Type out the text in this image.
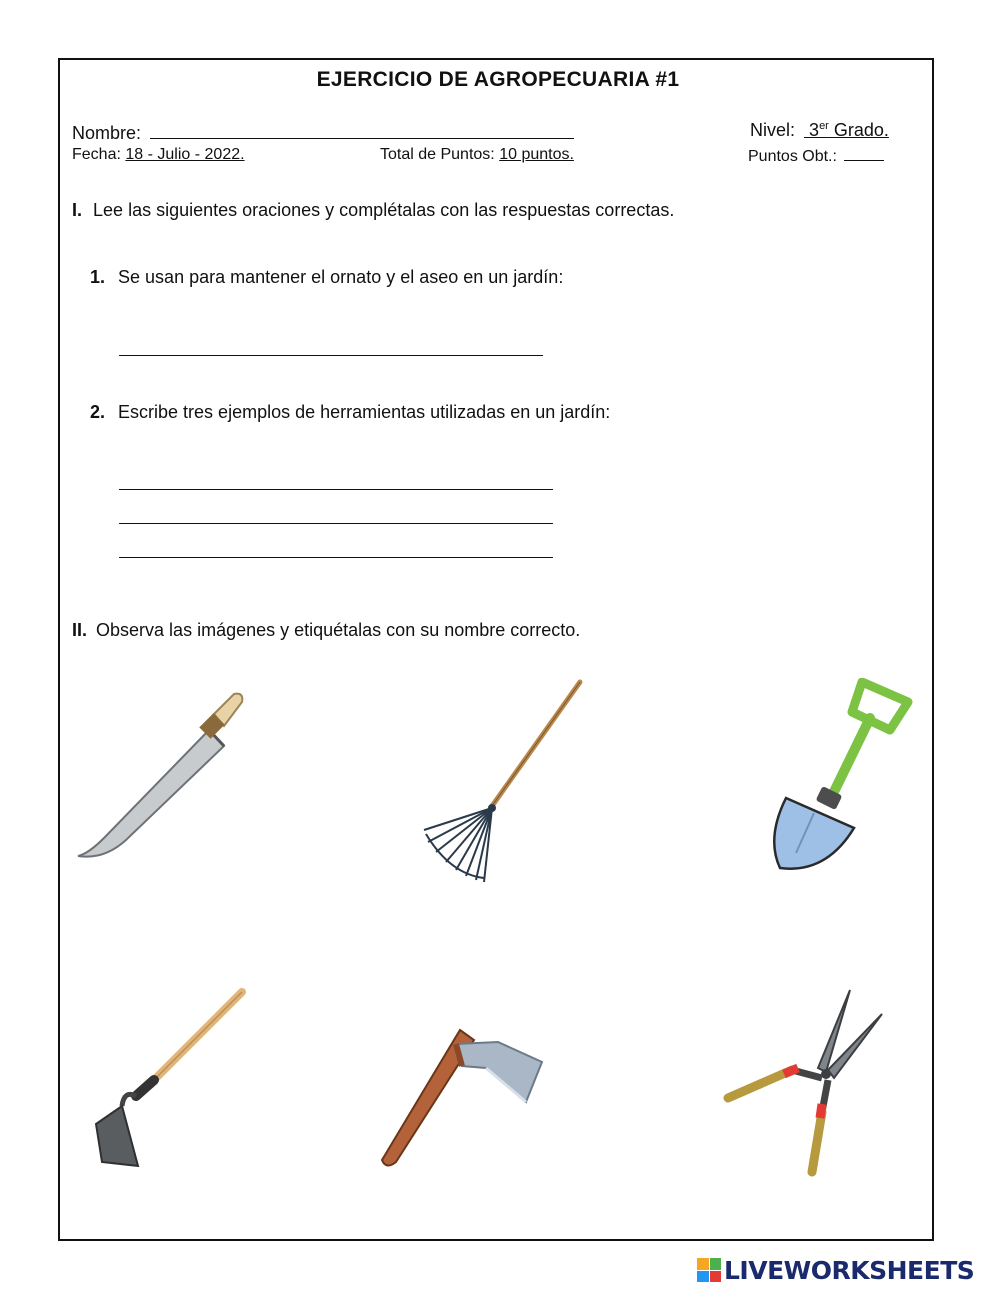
EJERCICIO DE AGROPECUARIA #1
Nombre:	Nivel: 3er Grado.
Fecha: 18 - Julio - 2022.	Total de Puntos: 10 puntos.	Puntos Obt.:
I. Lee las siguientes oraciones y complétalas con las respuestas correctas.
1. Se usan para mantener el ornato y el aseo en un jardín:
2. Escribe tres ejemplos de herramientas utilizadas en un jardín:
II. Observa las imágenes y etiquétalas con su nombre correcto.
LIVEWORKSHEETS
